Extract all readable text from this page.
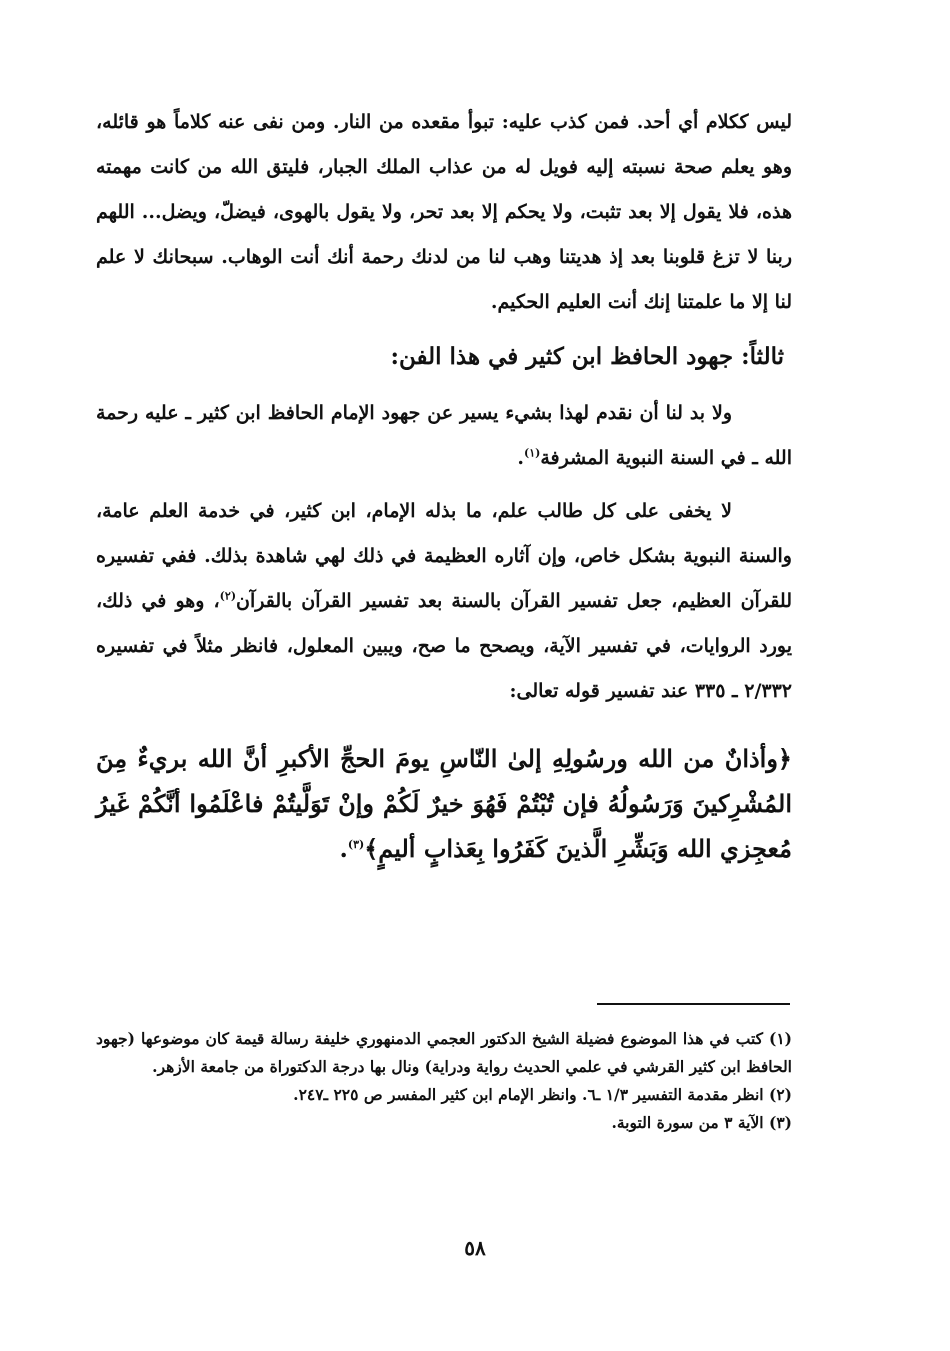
ليس ككلام أي أحد. فمن كذب عليه: تبوأ مقعده من النار. ومن نفى عنه كلاماً هو قائله، وهو يعلم صحة نسبته إليه فويل له من عذاب الملك الجبار، فليتق الله من كانت مهمته هذه، فلا يقول إلا بعد تثبت، ولا يحكم إلا بعد تحر، ولا يقول بالهوى، فيضلّ، ويضل... اللهم ربنا لا تزغ قلوبنا بعد إذ هديتنا وهب لنا من لدنك رحمة أنك أنت الوهاب. سبحانك لا علم لنا إلا ما علمتنا إنك أنت العليم الحكيم.

ثالثاً: جهود الحافظ ابن كثير في هذا الفن:

ولا بد لنا أن نقدم لهذا بشيء يسير عن جهود الإمام الحافظ ابن كثير ـ عليه رحمة الله ـ في السنة النبوية المشرفة$^{(١)}$.

لا يخفى على كل طالب علم، ما بذله الإمام، ابن كثير، في خدمة العلم عامة، والسنة النبوية بشكل خاص، وإن آثاره العظيمة في ذلك لهي شاهدة بذلك. ففي تفسيره للقرآن العظيم، جعل تفسير القرآن بالسنة بعد تفسير القرآن بالقرآن$^{(٢)}$، وهو في ذلك، يورد الروايات، في تفسير الآية، ويصحح ما صح، ويبين المعلول، فانظر مثلاً في تفسيره ٢/٣٣٢ ـ ٣٣٥ عند تفسير قوله تعالى:

﴿وأذانٌ من الله ورسُولِهِ إلىٰ النّاسِ يومَ الحجِّ الأكبرِ أنَّ الله بريءٌ مِنَ المُشْرِكينَ وَرَسُولُهُ فإن تُبْتُمْ فَهُوَ خيرٌ لَكُمْ وإنْ تَوَلَّيتُمْ فاعْلَمُوا أنَّكُمْ غَيرُ مُعجِزي الله وَبَشِّرِ الَّذينَ كَفَرُوا بِعَذابٍ أليمٍ﴾$^{(٣)}$.

(١) كتب في هذا الموضوع فضيلة الشيخ الدكتور العجمي الدمنهوري خليفة رسالة قيمة كان موضوعها (جهود الحافظ ابن كثير القرشي في علمي الحديث رواية ودراية) ونال بها درجة الدكتوراة من جامعة الأزهر.

(٢) انظر مقدمة التفسير ١/٣ ـ٦. وانظر الإمام ابن كثير المفسر ص ٢٢٥ ـ٢٤٧.

(٣) الآية ٣ من سورة التوبة.

٥٨
